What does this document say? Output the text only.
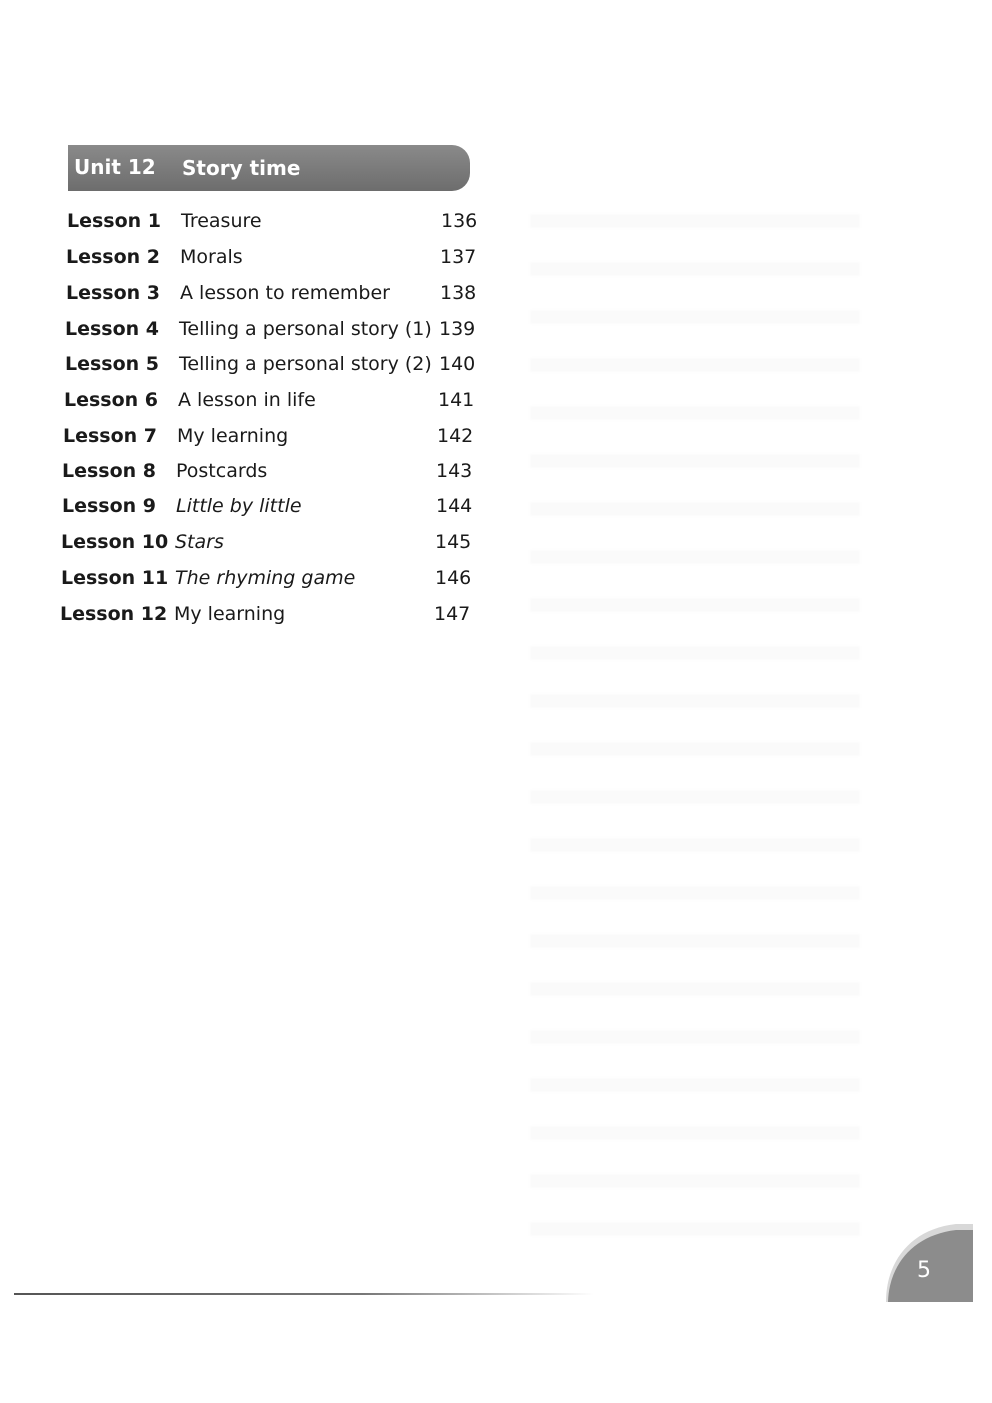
Unit 12 Story time
Lesson 1 Treasure	136
Lesson 2 Morals	137
Lesson 3 A lesson to remember	138
Lesson 4 Telling a personal story (1) 139
Lesson 5 Telling a personal story (2) 140
Lesson 6 A lesson in life	141
Lesson 7 My learning	142
Lesson 8 Postcards	143
Lesson 9 Little by little	144
Lesson 10 Stars	145
Lesson 11 The rhyming game	146
Lesson 12 My learning	147
5
